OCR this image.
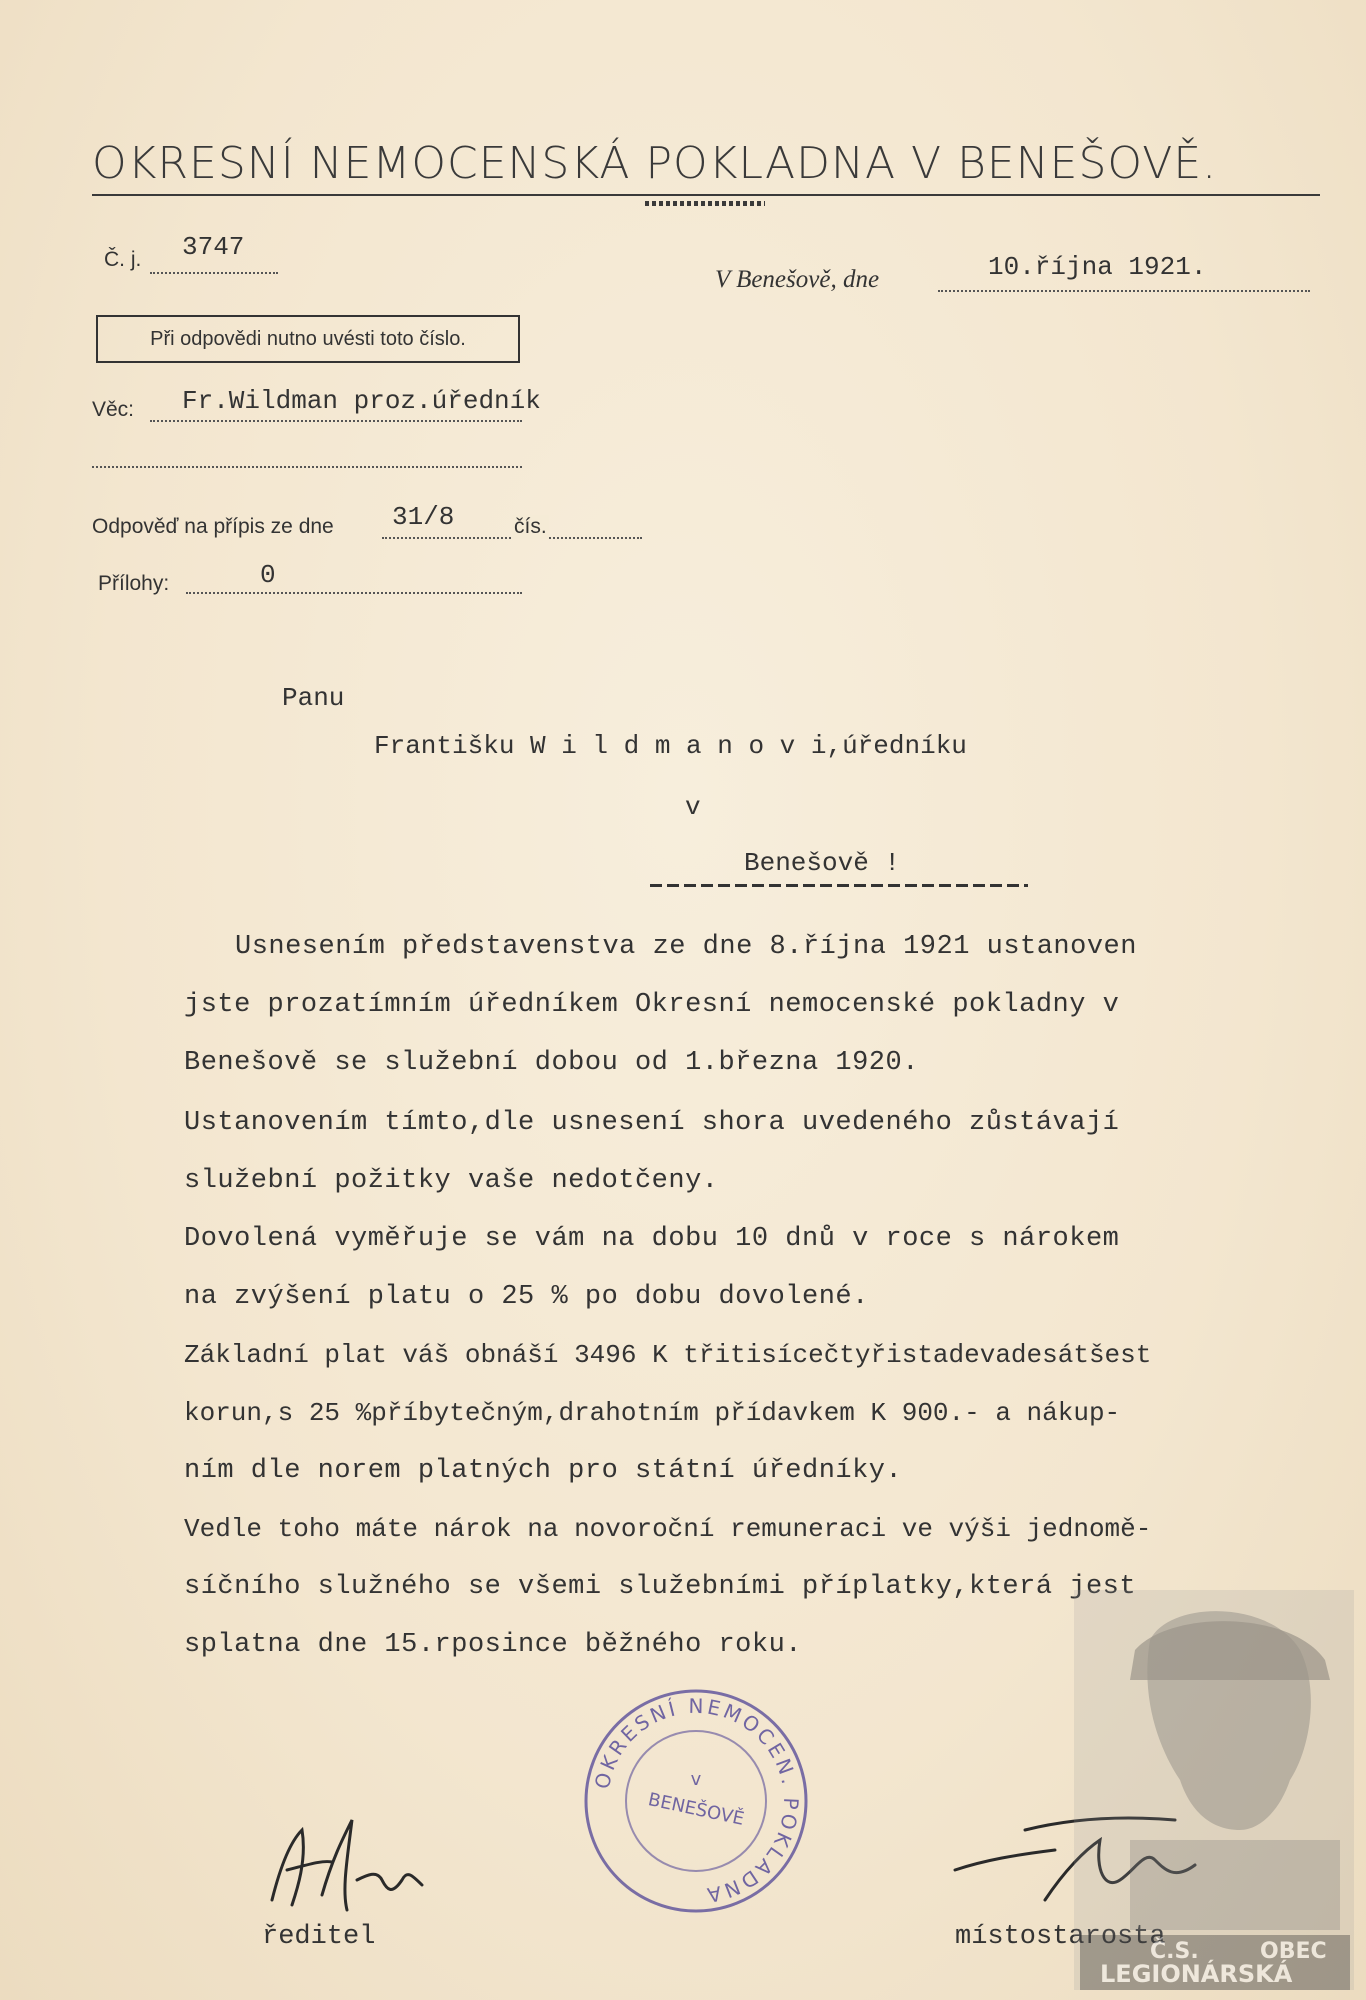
OKRESNÍ NEMOCENSKÁ POKLADNA V BENEŠOVĚ.
Č. j. 3747
V Benešově, dne	10.října 1921.
Při odpovědi nutno uvésti toto číslo.
Věc: Fr.Wildman proz.úředník
Odpověď na přípis ze dne 31/8	čís.
Přílohy:	0
Panu
Františku W i l d m a n o v i,úředníku
v
Benešově !
Usnesením představenstva ze dne 8.října 1921 ustanoven
jste prozatímním úředníkem Okresní nemocenské pokladny v
Benešově se služební dobou od 1.března 1920.
Ustanovením tímto,dle usnesení shora uvedeného zůstávají
služební požitky vaše nedotčeny.
Dovolená vyměřuje se vám na dobu 10 dnů v roce s nárokem
na zvýšení platu o 25 % po dobu dovolené.
Základní plat váš obnáší 3496 K třitisícečtyřistadevadesátšest
korun,s 25 %příbytečným,drahotním přídavkem K 900.- a nákup-
ním dle norem platných pro státní úředníky.
Vedle toho máte nárok na novoroční remuneraci ve výši jednomě-
síčního služného se všemi služebními příplatky,která jest
splatna dne 15.rposince běžného roku.
OKRESNÍ NEMOCEN. POKLADNA
v
BENEŠOVĚ
ředitel	místostarosta
Č.S.	OBEC
LEGIONÁRSKÁ
